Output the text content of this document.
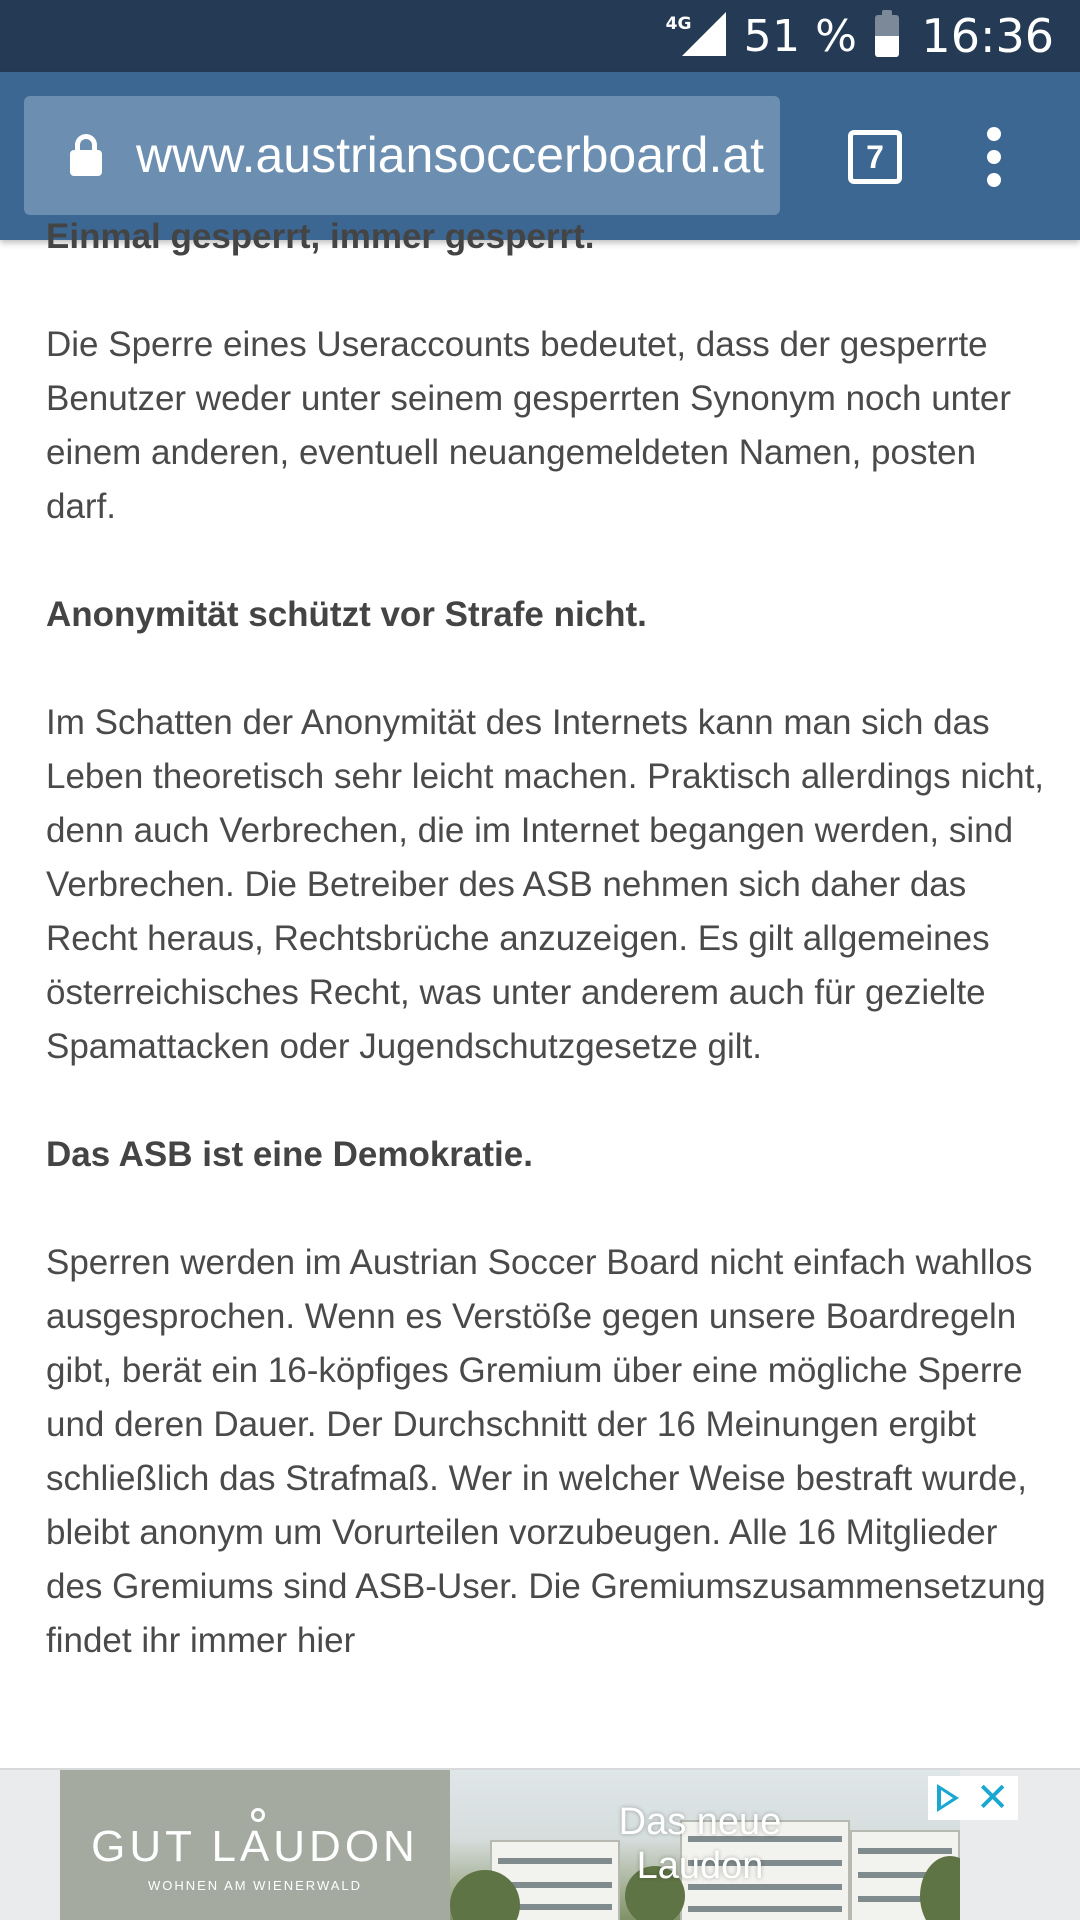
4G 51 % 16:36
www.austriansoccerboard.at	7
Einmal gesperrt, immer gesperrt.

Die Sperre eines Useraccounts bedeutet, dass der gesperrte Benutzer weder unter seinem gesperrten Synonym noch unter einem anderen, eventuell neuangemeldeten Namen, posten darf.

Anonymität schützt vor Strafe nicht.

Im Schatten der Anonymität des Internets kann man sich das Leben theoretisch sehr leicht machen. Praktisch allerdings nicht, denn auch Verbrechen, die im Internet begangen werden, sind Verbrechen. Die Betreiber des ASB nehmen sich daher das Recht heraus, Rechtsbrüche anzuzeigen. Es gilt allgemeines österreichisches Recht, was unter anderem auch für gezielte Spamattacken oder Jugendschutzgesetze gilt.

Das ASB ist eine Demokratie.

Sperren werden im Austrian Soccer Board nicht einfach wahllos ausgesprochen. Wenn es Verstöße gegen unsere Boardregeln gibt, berät ein 16-köpfiges Gremium über eine mögliche Sperre und deren Dauer. Der Durchschnitt der 16 Meinungen ergibt schließlich das Strafmaß. Wer in welcher Weise bestraft wurde, bleibt anonym um Vorurteilen vorzubeugen. Alle 16 Mitglieder des Gremiums sind ASB-User. Die Gremiumszusammensetzung findet ihr immer hier

GUT LAUDON
WOHNEN AM WIENERWALD
Das neue
Laudon
✕
